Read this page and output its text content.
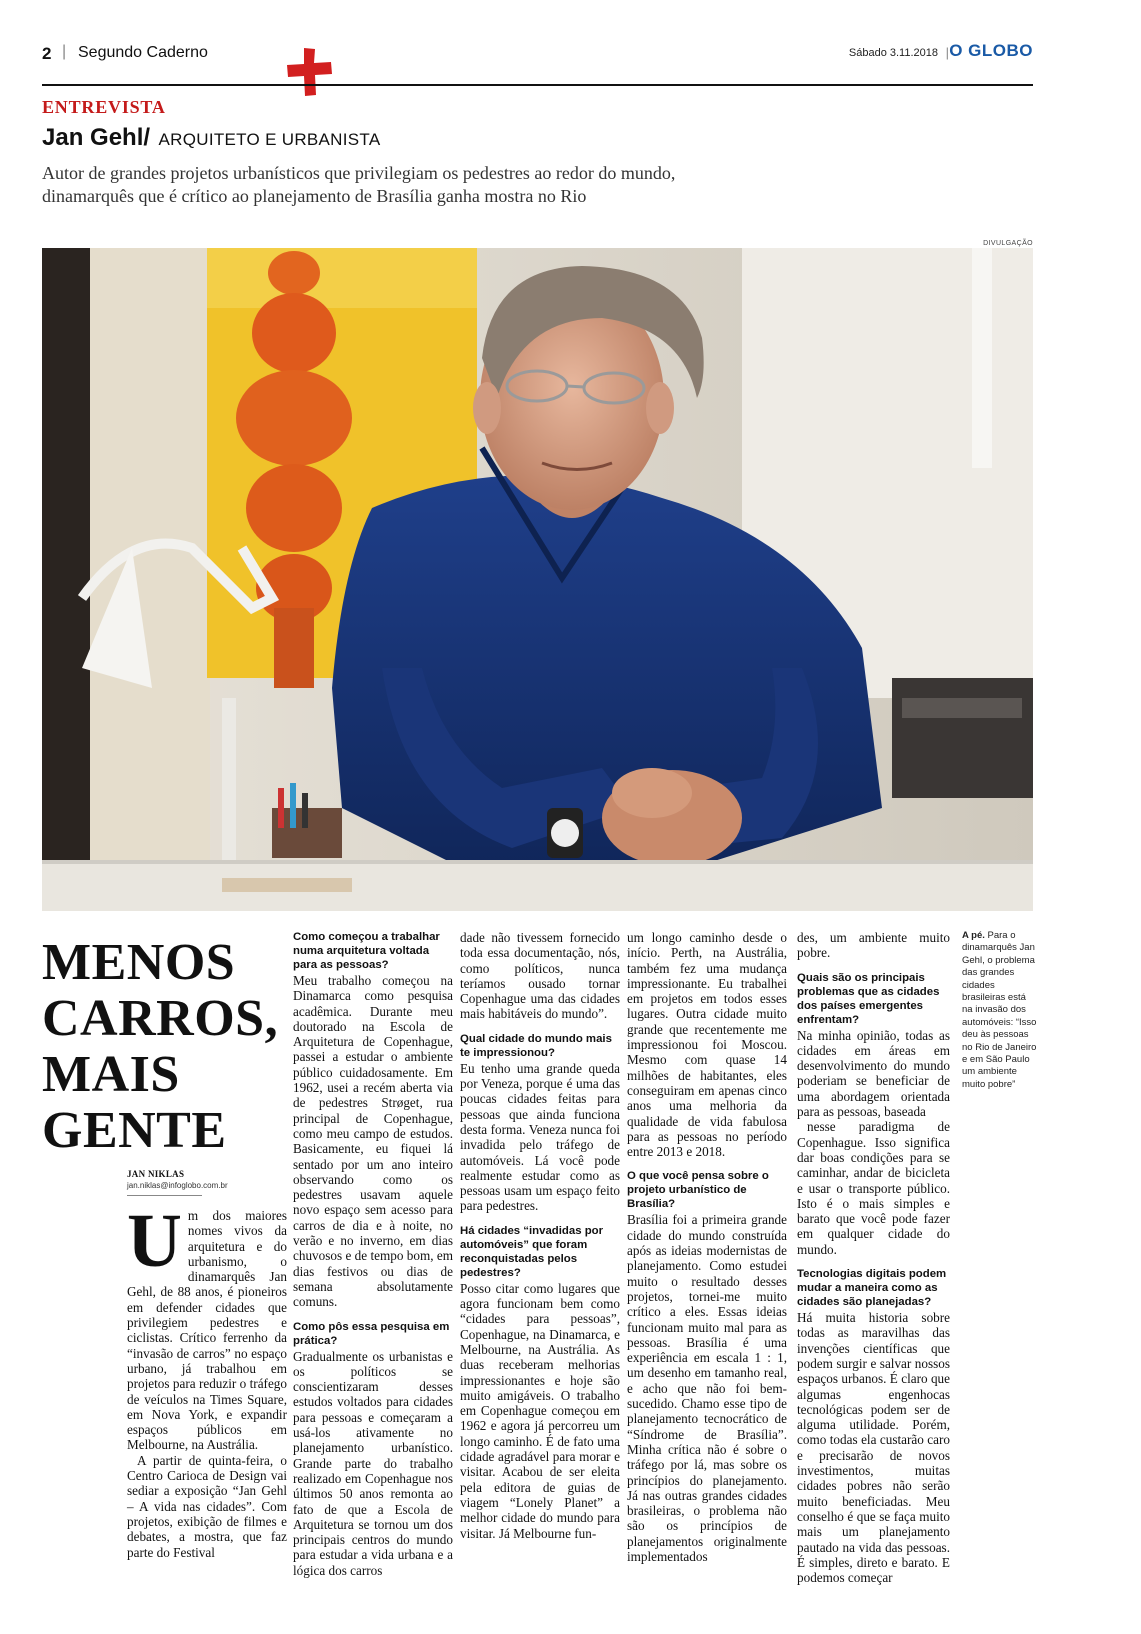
2 | Segundo Caderno	Sábado 3.11.2018 | O GLOBO
ENTREVISTA
Jan Gehl/ ARQUITETO E URBANISTA
Autor de grandes projetos urbanísticos que privilegiam os pedestres ao redor do mundo, dinamarquês que é crítico ao planejamento de Brasília ganha mostra no Rio
DIVULGAÇÃO
MENOS
CARROS,
MAIS
GENTE
JAN NIKLAS
jan.niklas@infoglobo.com.br
U m dos maiores nomes vivos da arquitetura e do urbanismo, o dinamarquês Jan Gehl, de 88 anos, é pioneiros em defender cidades que privilegiem pedestres e ciclistas. Crítico ferrenho da “invasão de carros” no espaço urbano, já trabalhou em projetos para reduzir o tráfego de veículos na Times Square, em Nova York, e expandir espaços públicos em Melbourne, na Austrália.

A partir de quinta-feira, o Centro Carioca de Design vai sediar a exposição “Jan Gehl – A vida nas cidades”. Com projetos, exibição de filmes e debates, a mostra, que faz parte do Festival

Como começou a trabalhar numa arquitetura voltada para as pessoas?

Meu trabalho começou na Dinamarca como pesquisa acadêmica. Durante meu doutorado na Escola de Arquitetura de Copenhague, passei a estudar o ambiente público cuidadosamente. Em 1962, usei a recém aberta via de pedestres Strøget, rua principal de Copenhague, como meu campo de estudos. Basicamente, eu fiquei lá sentado por um ano inteiro observando como os pedestres usavam aquele novo espaço sem acesso para carros de dia e à noite, no verão e no inverno, em dias chuvosos e de tempo bom, em dias festivos ou dias de semana absolutamente comuns.

Como pôs essa pesquisa em prática?

Gradualmente os urbanistas e os políticos se conscientizaram desses estudos voltados para cidades para pessoas e começaram a usá-los ativamente no planejamento urbanístico. Grande parte do trabalho realizado em Copenhague nos últimos 50 anos remonta ao fato de que a Escola de Arquitetura se tornou um dos principais centros do mundo para estudar a vida urbana e a lógica dos carros

dade não tivessem fornecido toda essa documentação, nós, como políticos, nunca teríamos ousado tornar Copenhague uma das cidades mais habitáveis do mundo”.

Qual cidade do mundo mais te impressionou?

Eu tenho uma grande queda por Veneza, porque é uma das poucas cidades feitas para pessoas que ainda funciona desta forma. Veneza nunca foi invadida pelo tráfego de automóveis. Lá você pode realmente estudar como as pessoas usam um espaço feito para pedestres.

Há cidades “invadidas por automóveis” que foram reconquistadas pelos pedestres?

Posso citar como lugares que agora funcionam bem como “cidades para pessoas”, Copenhague, na Dinamarca, e Melbourne, na Austrália. As duas receberam melhorias impressionantes e hoje são muito amigáveis. O trabalho em Copenhague começou em 1962 e agora já percorreu um longo caminho. É de fato uma cidade agradável para morar e visitar. Acabou de ser eleita pela editora de guias de viagem “Lonely Planet” a melhor cidade do mundo para visitar. Já Melbourne fun-

um longo caminho desde o início. Perth, na Austrália, também fez uma mudança impressionante. Eu trabalhei em projetos em todos esses lugares. Outra cidade muito grande que recentemente me impressionou foi Moscou. Mesmo com quase 14 milhões de habitantes, eles conseguiram em apenas cinco anos uma melhoria da qualidade de vida fabulosa para as pessoas no período entre 2013 e 2018.

O que você pensa sobre o projeto urbanístico de Brasília?

Brasília foi a primeira grande cidade do mundo construída após as ideias modernistas de planejamento. Como estudei muito o resultado desses projetos, tornei-me muito crítico a eles. Essas ideias funcionam muito mal para as pessoas. Brasília é uma experiência em escala 1 : 1, um desenho em tamanho real, e acho que não foi bem-sucedido. Chamo esse tipo de planejamento tecnocrático de “Síndrome de Brasília”. Minha crítica não é sobre o tráfego por lá, mas sobre os princípios do planejamento. Já nas outras grandes cidades brasileiras, o problema não são os princípios de planejamentos originalmente implementados

des, um ambiente muito pobre.

Quais são os principais problemas que as cidades dos países emergentes enfrentam?

Na minha opinião, todas as cidades em áreas em desenvolvimento do mundo poderiam se beneficiar de uma abordagem orientada para as pessoas, baseada

nesse paradigma de Copenhague. Isso significa dar boas condições para se caminhar, andar de bicicleta e usar o transporte público. Isto é o mais simples e barato que você pode fazer em qualquer cidade do mundo.

Tecnologias digitais podem mudar a maneira como as cidades são planejadas?

Há muita historia sobre todas as maravilhas das invenções científicas que podem surgir e salvar nossos espaços urbanos. É claro que algumas engenhocas tecnológicas podem ser de alguma utilidade. Porém, como todas ela custarão caro e precisarão de novos investimentos, muitas cidades pobres não serão muito beneficiadas. Meu conselho é que se faça muito mais um planejamento pautado na vida das pessoas. É simples, direto e barato. E podemos começar

A pé. Para o dinamarquês Jan Gehl, o problema das grandes cidades brasileiras está na invasão dos automóveis: “Isso deu às pessoas no Rio de Janeiro e em São Paulo um ambiente muito pobre”
